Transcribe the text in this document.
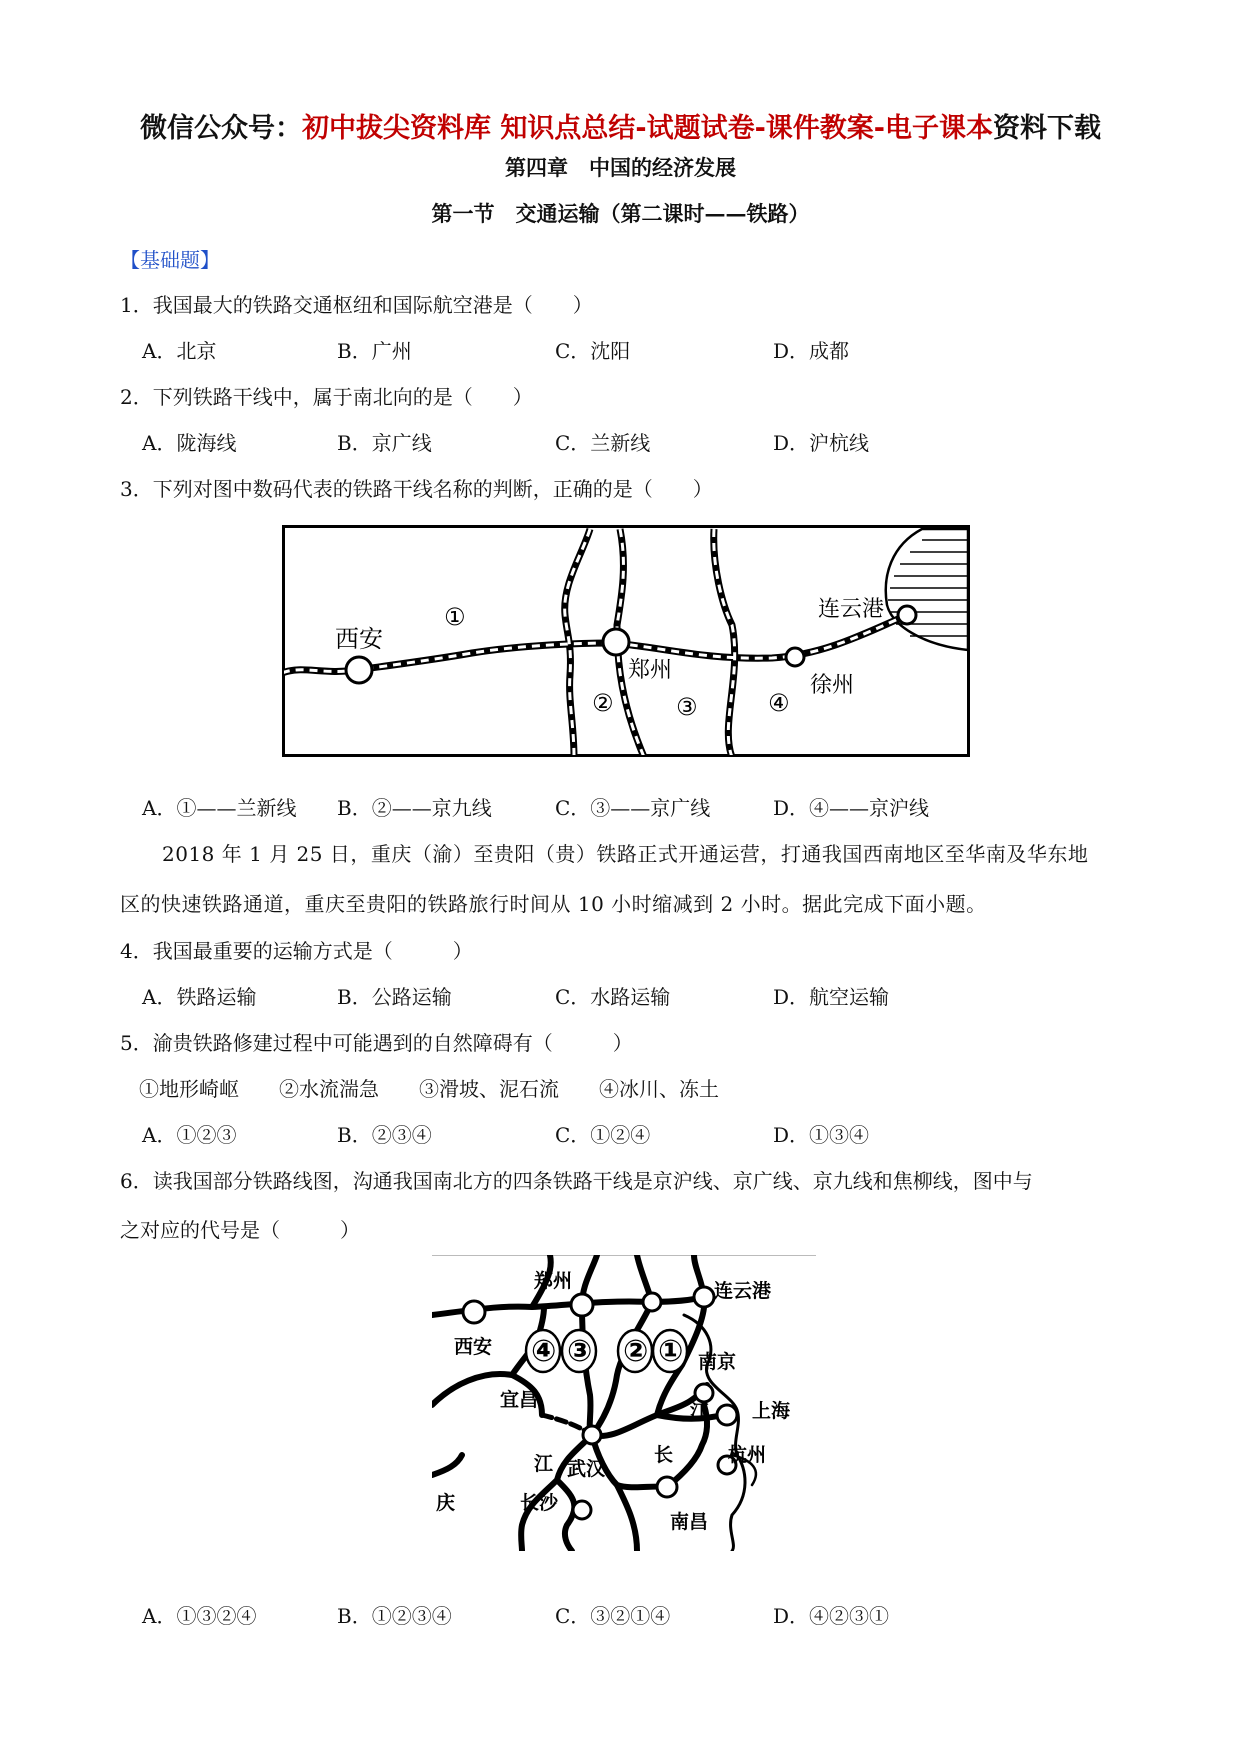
微信公众号：初中拔尖资料库 知识点总结-试题试卷-课件教案-电子课本资料下载
第四章　中国的经济发展
第一节　交通运输（第二课时——铁路）
【基础题】
1．我国最大的铁路交通枢纽和国际航空港是（　　）
A．北京	B．广州	C．沈阳	D．成都
2．下列铁路干线中，属于南北向的是（　　）
A．陇海线	B．京广线	C．兰新线	D．沪杭线
3．下列对图中数码代表的铁路干线名称的判断，正确的是（　　）
西安
郑州
徐州
连云港
①
②	③	④
A．①——兰新线 B．②——京九线	C．③——京广线	D．④——京沪线
2018 年 1 月 25 日，重庆（渝）至贵阳（贵）铁路正式开通运营，打通我国西南地区至华南及华东地
区的快速铁路通道，重庆至贵阳的铁路旅行时间从 10 小时缩减到 2 小时。据此完成下面小题。
4．我国最重要的运输方式是（　　　）
A．铁路运输	B．公路运输	C．水路运输	D．航空运输
5．渝贵铁路修建过程中可能遇到的自然障碍有（　　　）
①地形崎岖　　②水流湍急　　③滑坡、泥石流　　④冰川、冻土
A．①②③	B．②③④	C．①②④	D．①③④
6．读我国部分铁路线图，沟通我国南北方的四条铁路干线是京沪线、京广线、京九线和焦柳线，图中与
之对应的代号是（　　　）
④ ③ ② ①
郑州	连云港
西安
南京
宜昌	上海
武汉
杭州
长沙
南昌
庆
江
江	长
A．①③②④	B．①②③④	C．③②①④	D．④②③①
